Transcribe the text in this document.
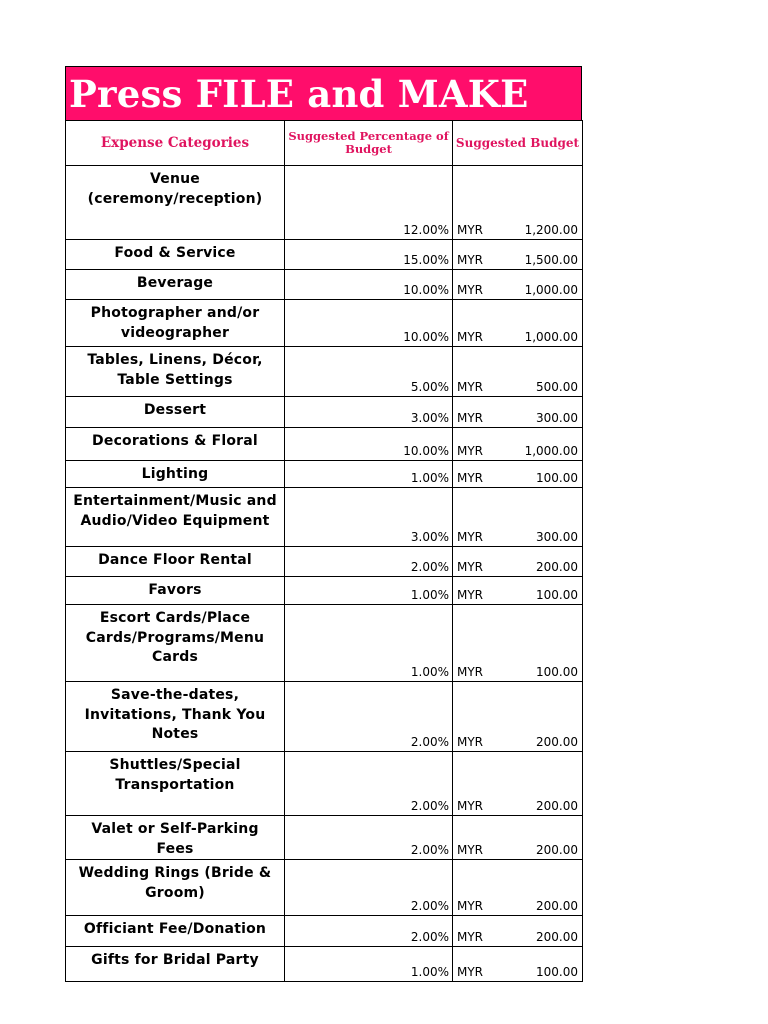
Press FILE and MAKE
Expense Categories	Suggested Percentage of Budget	Suggested Budget

Venue (ceremony/reception)	12.00%	MYR 1,200.00

Food & Service	15.00%	MYR 1,500.00

Beverage	10.00%	MYR 1,000.00

Photographer and/or videographer	10.00%	MYR 1,000.00

Tables, Linens, Décor, Table Settings	5.00%	MYR 500.00

Dessert	3.00%	MYR 300.00

Decorations & Floral	10.00%	MYR 1,000.00

Lighting	1.00%	MYR 100.00

Entertainment/Music and Audio/Video Equipment	3.00%	MYR 300.00

Dance Floor Rental	2.00%	MYR 200.00

Favors	1.00%	MYR 100.00

Escort Cards/Place Cards/Programs/Menu Cards	1.00%	MYR 100.00

Save-the-dates, Invitations, Thank You Notes	2.00%	MYR 200.00

Shuttles/Special Transportation	2.00%	MYR 200.00

Valet or Self-Parking Fees	2.00%	MYR 200.00

Wedding Rings (Bride & Groom)	2.00%	MYR 200.00

Officiant Fee/Donation	2.00%	MYR 200.00

Gifts for Bridal Party	1.00%	MYR 100.00
